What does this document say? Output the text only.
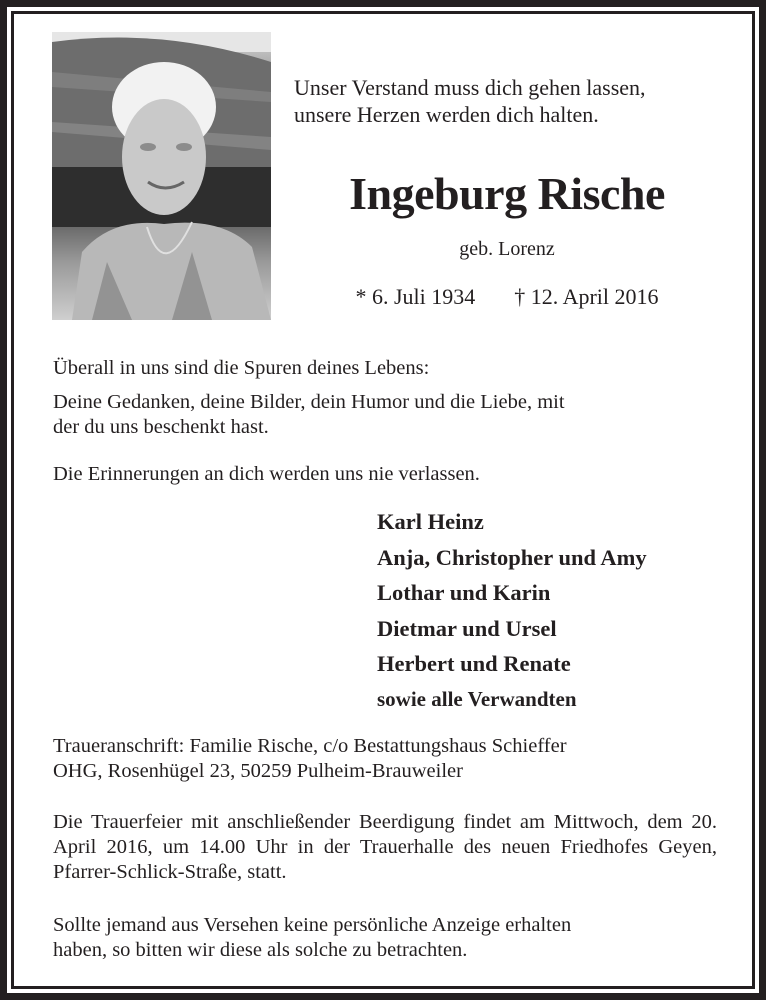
Unser Verstand muss dich gehen lassen,
unsere Herzen werden dich halten.
Ingeburg Rische
geb. Lorenz
* 6. Juli 1934 † 12. April 2016
Überall in uns sind die Spuren deines Lebens:
Deine Gedanken, deine Bilder, dein Humor und die Liebe, mit
der du uns beschenkt hast.
Die Erinnerungen an dich werden uns nie verlassen.
Karl Heinz
Anja, Christopher und Amy
Lothar und Karin
Dietmar und Ursel
Herbert und Renate
sowie alle Verwandten
Traueranschrift: Familie Rische, c/o Bestattungshaus Schieffer
OHG, Rosenhügel 23, 50259 Pulheim-Brauweiler
Die Trauerfeier mit anschließender Beerdigung findet am Mittwoch, dem 20. April 2016, um 14.00 Uhr in der Trauerhalle des neuen Friedhofes Geyen, Pfarrer-Schlick-Straße, statt.
Sollte jemand aus Versehen keine persönliche Anzeige erhalten
haben, so bitten wir diese als solche zu betrachten.
